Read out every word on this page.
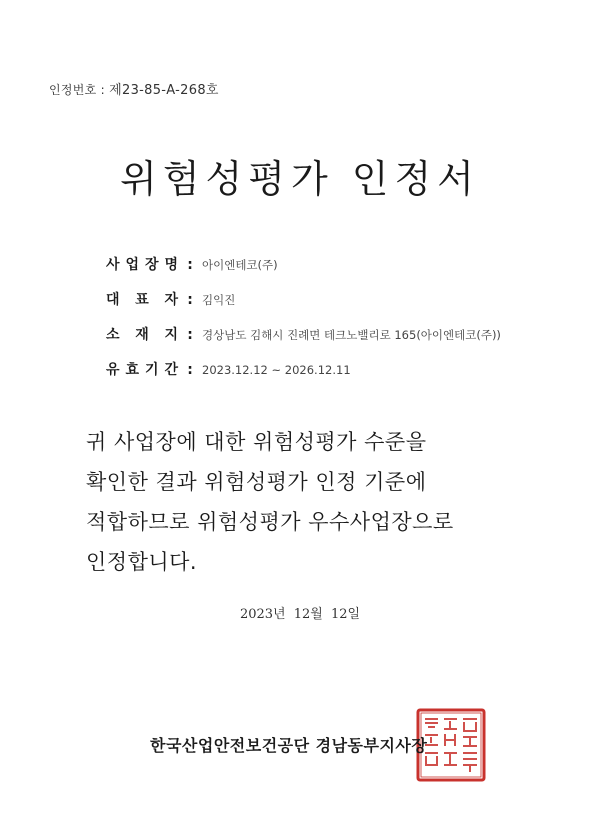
인정번호 : 제23-85-A-268호
위험성평가 인정서
사 업 장 명 : 아이엔테코(주)
대 표 자 : 김익진
소 재 지 : 경상남도 김해시 진례면 테크노밸리로 165(아이엔테코(주))
유 효 기 간 : 2023.12.12 ~ 2026.12.11
귀 사업장에 대한 위험성평가 수준을
확인한 결과 위험성평가 인정 기준에
적합하므로 위험성평가 우수사업장으로
인정합니다.
2023년 12월 12일
한국산업안전보건공단 경남동부지사장
